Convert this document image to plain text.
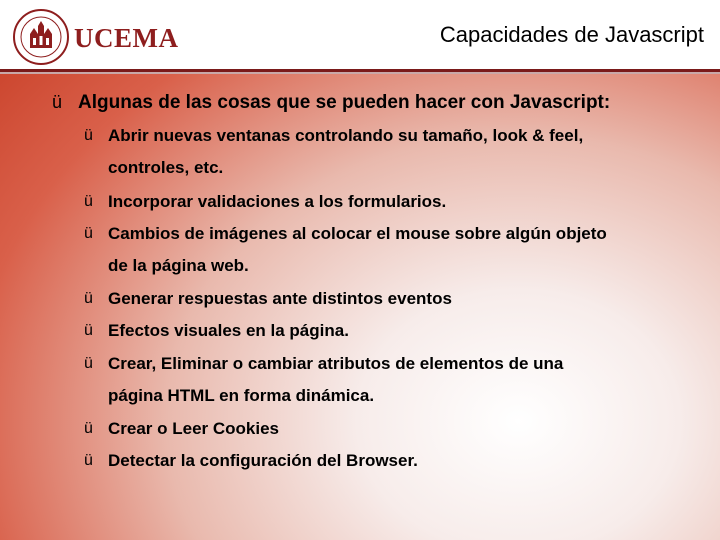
UCEMA	Capacidades de Javascript
ü Algunas de las cosas que se pueden hacer con Javascript:
ü Abrir nuevas ventanas controlando su tamaño, look & feel,
controles, etc.
ü Incorporar validaciones a los formularios.
ü Cambios de imágenes al colocar el mouse sobre algún objeto
de la página web.
ü Generar respuestas ante distintos eventos
ü Efectos visuales en la página.
ü Crear, Eliminar o cambiar atributos de elementos de una
página HTML en forma dinámica.
ü Crear o Leer Cookies
ü Detectar la configuración del Browser.
